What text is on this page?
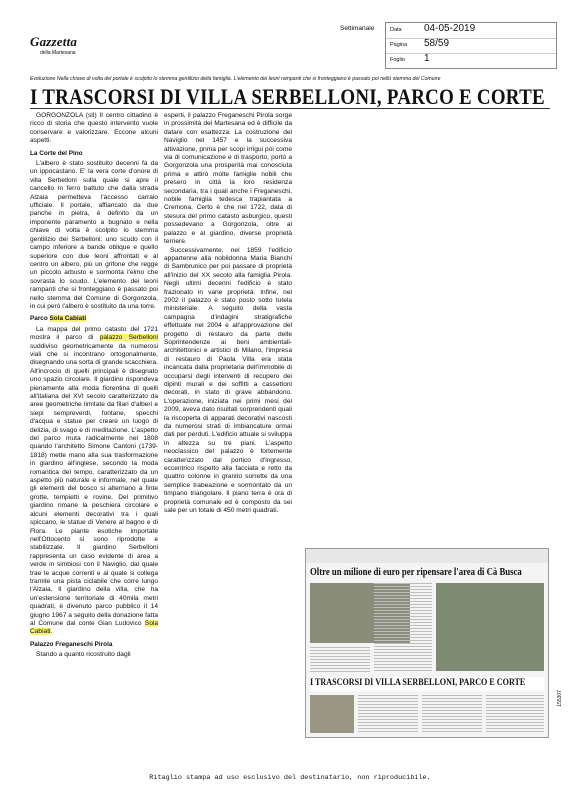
Gazzetta
della Martesana
Settimanale	Data 04-05-2019
Pagina 58/59
Foglio 1
Evoluzione Nella chiave di volta del portale è scolpito lo stemma gentilizio della famiglia. L'elemento dei leoni rampanti che si fronteggiano è passato poi nello stemma del Comune
I TRASCORSI DI VILLA SERBELLONI, PARCO E CORTE

GORGONZOLA (slI) Il centro cittadino è ricco di storia che questo intervento vuole conservare e valorizzare. Eccone alcuni aspetti.

La Corte del Pino

L'albero è stato sostituito decenni fa da un ippocastano. E' la vera corte d'onore di villa Serbelloni sulla quale si apre il cancello in ferro battuto che dalla strada Alzaia permetteva l'accesso carraio ufficiale. Il portale, affiancato da due panche in pietra, è definito da un imponente paramento a bugnato e nella chiave di volta è scolpito lo stemma gentilizio dei Serbelloni: uno scudo con il campo inferiore a bande oblique e quello superiore con due leoni affrontati e al centro un albero, più un grifone che regge un piccolo arbusto e sormonta l'elmo che sovrasta lo scudo. L'elemento dei leoni rampanti che si fronteggiano è passato poi nello stemma del Comune di Gorgonzola, in cui però l'albero è sostituito da una torre.

Parco Sola Cabiati

La mappa del primo catasto del 1721 mostra il parco di palazzo Serbelloni suddiviso geometricamente da numerosi viali che si incontrano ortogonalmente, disegnando una sorta di grande scacchiera. All'incrocio di quelli principali è disegnato uno spazio circolare. Il giardino rispondeva pienamente alla moda fiorentina di quelli all'italiana del XVI secolo caratterizzato da aree geometriche limitate da filari d'alberi e siepi sempreverdi, fontane, specchi d'acqua e statue per creare un luogo di delizia, di svago e di meditazione. L'aspetto del parco muta radicalmente nel 1808 quando l'architetto Simone Cantoni (1739-1818) mette mano alla sua trasformazione in giardino all'inglese, secondo la moda romantica del tempo, caratterizzato da un aspetto più naturale e informale, nel quale gli elementi del bosco si alternano a finte grotte, tempietti e rovine. Del primitivo giardino rimane la peschiera circolare e alcuni elementi decorativi tra i quali spiccano, le statue di Venere al bagno e di Flora. Le piante esotiche importate nell'Ottocento si sono riprodotte e stabilizzate. Il giardino Serbelloni rappresenta un caso evidente di area a verde in simbiosi con il Naviglio, dal quale trae le acque correnti e al quale si collega tramite una pista ciclabile che corre lungo l'Alzaia. Il giardino della villa, che ha un'estensione territoriale di 40mila metri quadrati, è divenuto parco pubblico il 14 giugno 1967 a seguito della donazione fatta al Comune dal conte Gian Ludovico Sola Cabiati.

Palazzo Freganeschi Pirola

Stando a quanto ricostruito dagli

esperti, il palazzo Freganeschi Pirola sorge in prossimità del Martesana ed è difficile da datare con esattezza. La costruzione del Naviglio nel 1457 e la successiva attivazione, prima per scopi irrigui poi come via di comunicazione e di trasporto, portò a Gorgonzola una prosperità mai conosciuta prima e attirò molte famiglie nobili che presero in città la loro residenza secondaria, tra i quali anche i Freganeschi, nobile famiglia tedesca trapiantata a Cremona. Certo è che nel 1722, data di stesura del primo catasto asburgico, questi possedevano a Gorgonzola, oltre al palazzo e al giardino, diverse proprietà terriere.

Successivamente, nel 1859 l'edificio appartenne alla nobildonna Maria Bianchi di Sambrunico per poi passare di proprietà all'inizio del XX secolo alla famiglia Pirola. Negli ultimi decenni l'edificio è stato frazionato in varie proprietà. Infine, nel 2002 il palazzo è stato posto sotto tutela ministeriale. A seguito della vasta campagna d'indagini stratigrafiche effettuate nel 2004 e all'approvazione del progetto di restauro da parte delle Soprintendenze ai beni ambientali-architettonici e artistici di Milano, l'impresa di restauro di Paola Villa era stata incaricata dalla proprietaria dell'immobile di occuparsi degli interventi di recupero dei dipinti murali e dei soffitti a cassettoni decorati, in stato di grave abbandono. L'operazione, iniziata nei primi mesi del 2009, aveva dato risultati sorprendenti quali la riscoperta di apparati decorativi nascosti da numerosi strati di imbiancature ormai dati per perduti. L'edificio attuale si sviluppa in altezza su tre piani. L'aspetto neoclassico del palazzo è fortemente caratterizzato dal portico d'ingresso, eccentrico rispetto alla facciata e retto da quattro colonne in granito sorrette da una semplice trabeazione e sormontato da un timpano triangolare. Il piano terra è ora di proprietà comunale ed è composto da sei sale per un totale di 450 metri quadrati.

Oltre un milione di euro per ripensare l'area di Cà Busca
I TRASCORSI DI VILLA SERBELLONI, PARCO E CORTE
155307
Ritaglio stampa ad uso esclusivo del destinatario, non riproducibile.
